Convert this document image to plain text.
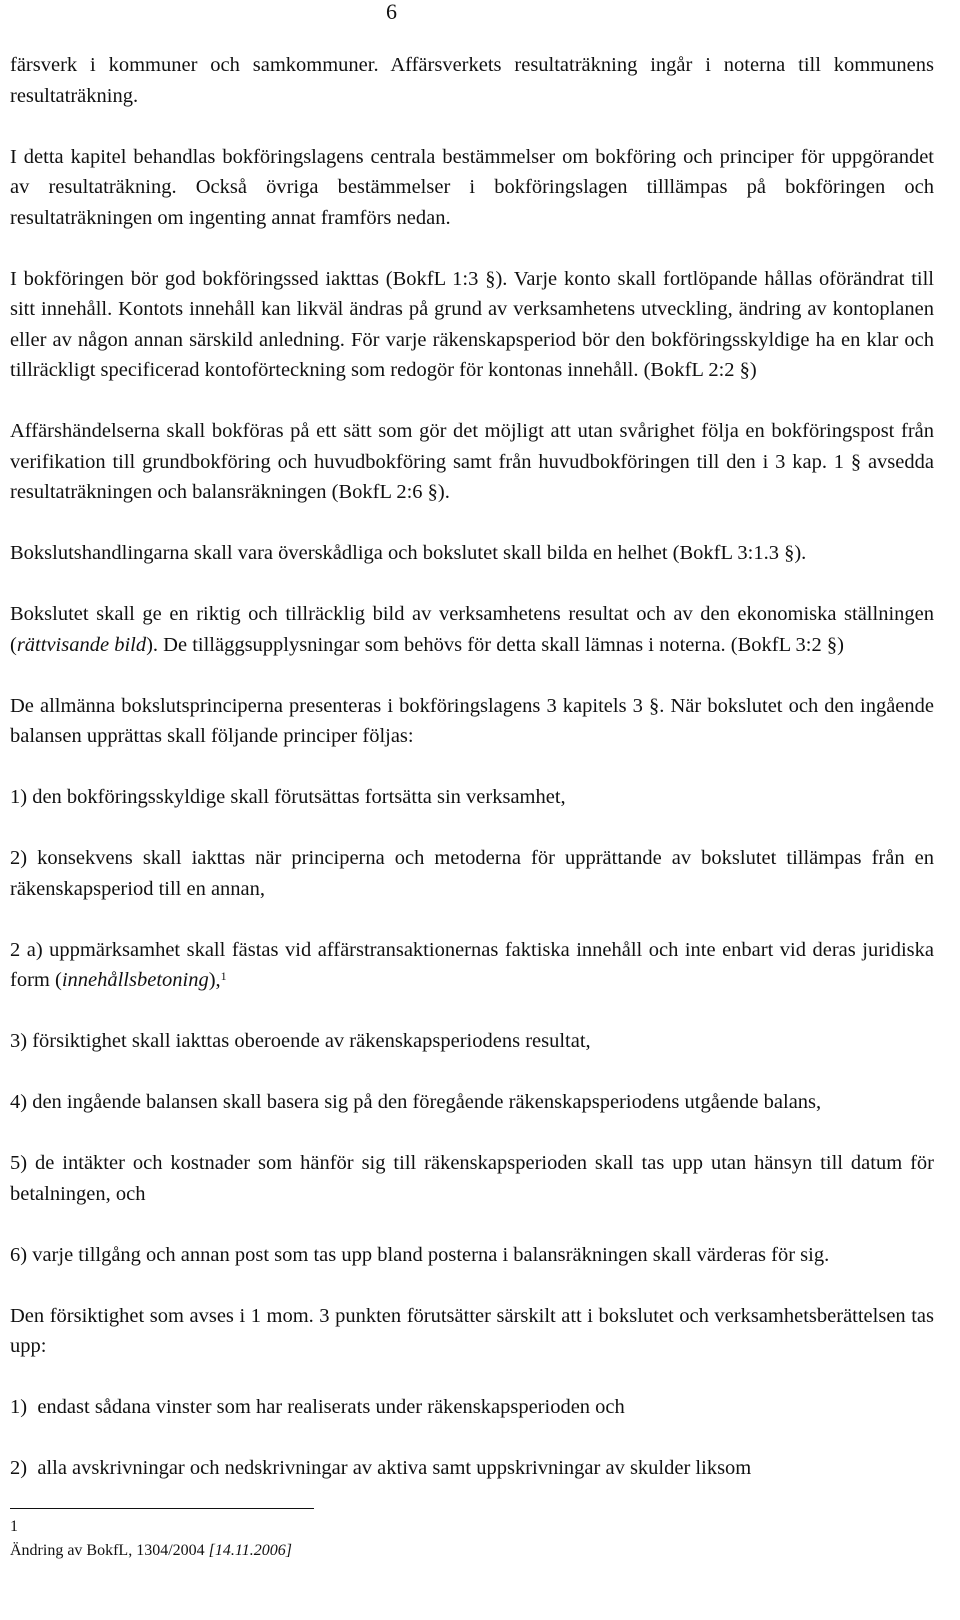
6

färsverk i kommuner och samkommuner. Affärsverkets resultaträkning ingår i noterna till kommunens resultaträkning.

I detta kapitel behandlas bokföringslagens centrala bestämmelser om bokföring och principer för uppgörandet av resultaträkning. Också övriga bestämmelser i bokföringslagen tilllämpas på bokföringen och resultaträkningen om ingenting annat framförs nedan.

I bokföringen bör god bokföringssed iakttas (BokfL 1:3 §). Varje konto skall fortlöpande hållas oförändrat till sitt innehåll. Kontots innehåll kan likväl ändras på grund av verksamhetens utveckling, ändring av kontoplanen eller av någon annan särskild anledning. För varje räkenskapsperiod bör den bokföringsskyldige ha en klar och tillräckligt specificerad kontoförteckning som redogör för kontonas innehåll. (BokfL 2:2 §)

Affärshändelserna skall bokföras på ett sätt som gör det möjligt att utan svårighet följa en bokföringspost från verifikation till grundbokföring och huvudbokföring samt från huvudbokföringen till den i 3 kap. 1 § avsedda resultaträkningen och balansräkningen (BokfL 2:6 §).

Bokslutshandlingarna skall vara överskådliga och bokslutet skall bilda en helhet (BokfL 3:1.3 §).

Bokslutet skall ge en riktig och tillräcklig bild av verksamhetens resultat och av den ekonomiska ställningen (rättvisande bild). De tilläggsupplysningar som behövs för detta skall lämnas i noterna. (BokfL 3:2 §)

De allmänna bokslutsprinciperna presenteras i bokföringslagens 3 kapitels 3 §. När bokslutet och den ingående balansen upprättas skall följande principer följas:

1) den bokföringsskyldige skall förutsättas fortsätta sin verksamhet,

2) konsekvens skall iakttas när principerna och metoderna för upprättande av bokslutet tillämpas från en räkenskapsperiod till en annan,

2 a) uppmärksamhet skall fästas vid affärstransaktionernas faktiska innehåll och inte enbart vid deras juridiska form (innehållsbetoning),$^1$

3) försiktighet skall iakttas oberoende av räkenskapsperiodens resultat,

4) den ingående balansen skall basera sig på den föregående räkenskapsperiodens utgående balans,

5) de intäkter och kostnader som hänför sig till räkenskapsperioden skall tas upp utan hänsyn till datum för betalningen, och

6) varje tillgång och annan post som tas upp bland posterna i balansräkningen skall värderas för sig.

Den försiktighet som avses i 1 mom. 3 punkten förutsätter särskilt att i bokslutet och verksamhetsberättelsen tas upp:

1)  endast sådana vinster som har realiserats under räkenskapsperioden och

2)  alla avskrivningar och nedskrivningar av aktiva samt uppskrivningar av skulder liksom

1
Ändring av BokfL, 1304/2004 [14.11.2006]
